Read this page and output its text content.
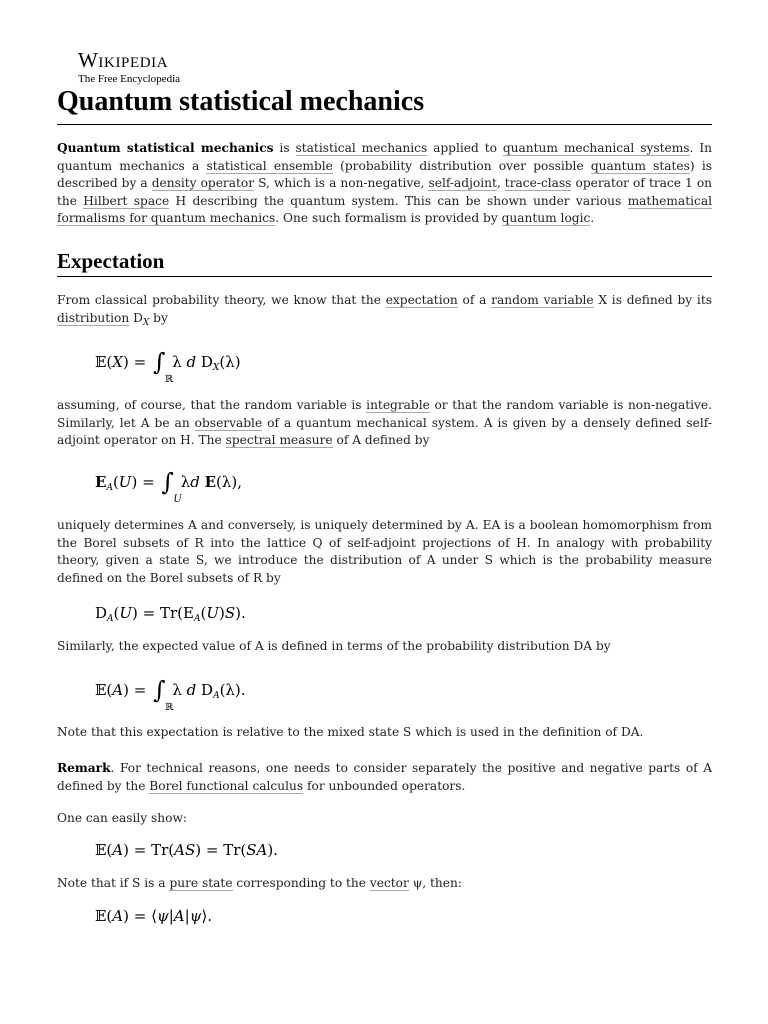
Wikipedia
The Free Encyclopedia
Quantum statistical mechanics

Quantum statistical mechanics is statistical mechanics applied to quantum mechanical systems. In quantum mechanics a statistical ensemble (probability distribution over possible quantum states) is described by a density operator S, which is a non-negative, self-adjoint, trace-class operator of trace 1 on the Hilbert space H describing the quantum system. This can be shown under various mathematical formalisms for quantum mechanics. One such formalism is provided by quantum logic.

Expectation

From classical probability theory, we know that the expectation of a random variable X is defined by its distribution $D_X$ by

𝔼(X) = ∫
ℝ
λ d $D_X(\lambda)$

assuming, of course, that the random variable is integrable or that the random variable is non-negative. Similarly, let A be an observable of a quantum mechanical system. A is given by a densely defined self-adjoint operator on H. The spectral measure of A defined by

$E_A(U)$ = ∫
U
λd E(λ),

uniquely determines A and conversely, is uniquely determined by A. EA is a boolean homomorphism from the Borel subsets of R into the lattice Q of self-adjoint projections of H. In analogy with probability theory, given a state S, we introduce the distribution of A under S which is the probability measure defined on the Borel subsets of R by

$D_A(U) = Tr(E_A(U)S)$.

Similarly, the expected value of A is defined in terms of the probability distribution DA by

𝔼(A) = ∫
ℝ
λ d $D_A(\lambda)$.

Note that this expectation is relative to the mixed state S which is used in the definition of DA.

Remark. For technical reasons, one needs to consider separately the positive and negative parts of A defined by the Borel functional calculus for unbounded operators.

One can easily show:

𝔼(A) = Tr(AS) = Tr(SA).

Note that if S is a pure state corresponding to the vector ψ, then:

𝔼(A) = ⟨ψ|A|ψ⟩.
